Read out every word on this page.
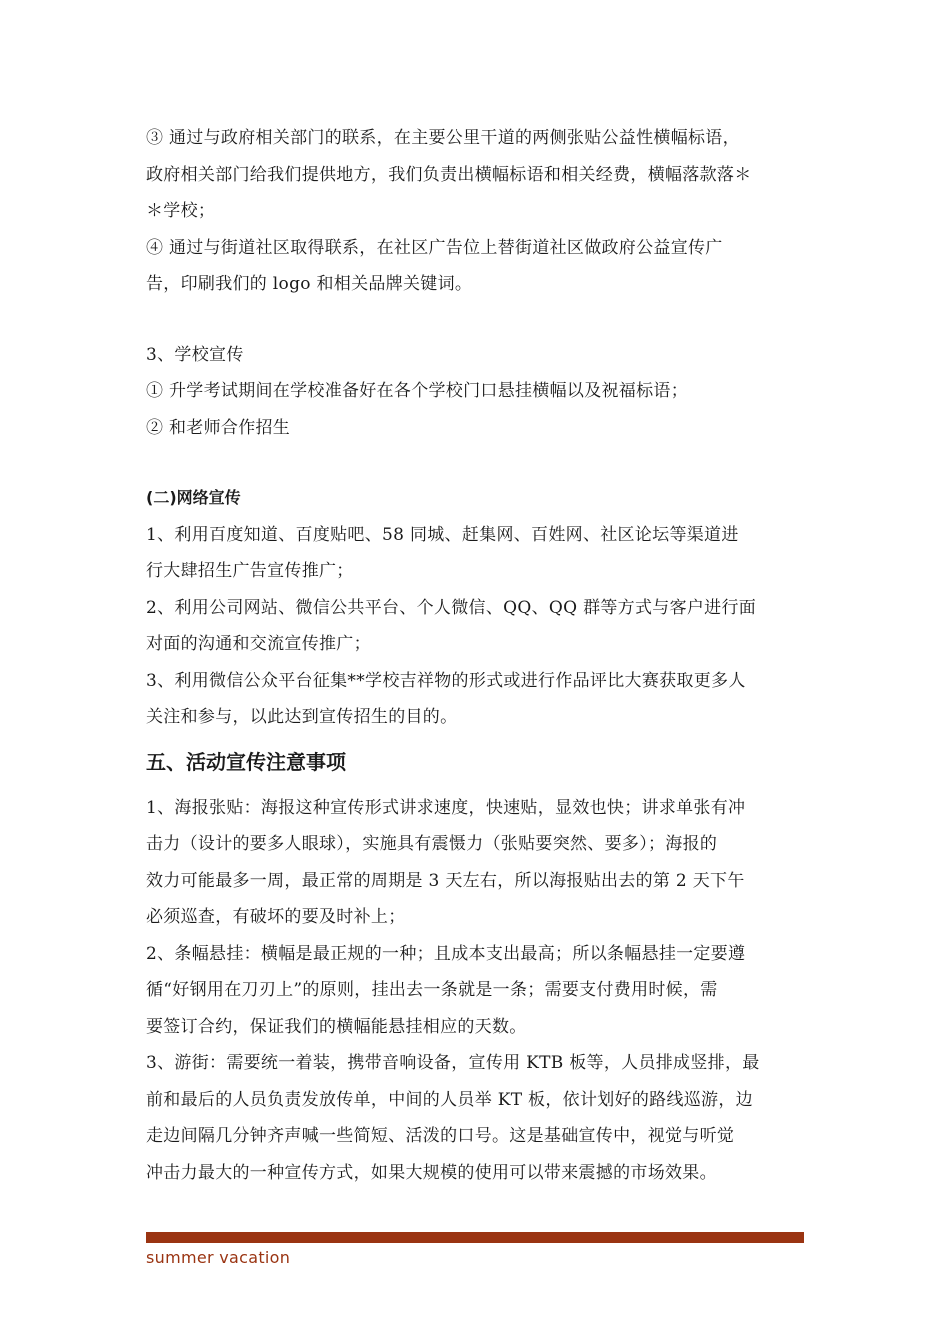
③ 通过与政府相关部门的联系，在主要公里干道的两侧张贴公益性横幅标语，
政府相关部门给我们提供地方，我们负责出横幅标语和相关经费，横幅落款落＊
＊学校；
④ 通过与街道社区取得联系，在社区广告位上替街道社区做政府公益宣传广
告，印刷我们的 logo 和相关品牌关键词。
3、学校宣传
① 升学考试期间在学校准备好在各个学校门口悬挂横幅以及祝福标语；
② 和老师合作招生
(二)网络宣传
1、利用百度知道、百度贴吧、58 同城、赶集网、百姓网、社区论坛等渠道进
行大肆招生广告宣传推广；
2、利用公司网站、微信公共平台、个人微信、QQ、QQ 群等方式与客户进行面
对面的沟通和交流宣传推广；
3、利用微信公众平台征集**学校吉祥物的形式或进行作品评比大赛获取更多人
关注和参与，以此达到宣传招生的目的。
五、活动宣传注意事项
1、海报张贴：海报这种宣传形式讲求速度，快速贴，显效也快；讲求单张有冲
击力（设计的要多人眼球），实施具有震慑力（张贴要突然、要多）；海报的
效力可能最多一周，最正常的周期是 3 天左右，所以海报贴出去的第 2 天下午
必须巡查，有破坏的要及时补上；
2、条幅悬挂：横幅是最正规的一种；且成本支出最高；所以条幅悬挂一定要遵
循“好钢用在刀刃上”的原则，挂出去一条就是一条；需要支付费用时候，需
要签订合约，保证我们的横幅能悬挂相应的天数。
3、游街：需要统一着装，携带音响设备，宣传用 KTB 板等，人员排成竖排，最
前和最后的人员负责发放传单，中间的人员举 KT 板，依计划好的路线巡游，边
走边间隔几分钟齐声喊一些简短、活泼的口号。这是基础宣传中，视觉与听觉
冲击力最大的一种宣传方式，如果大规模的使用可以带来震撼的市场效果。
summer vacation
